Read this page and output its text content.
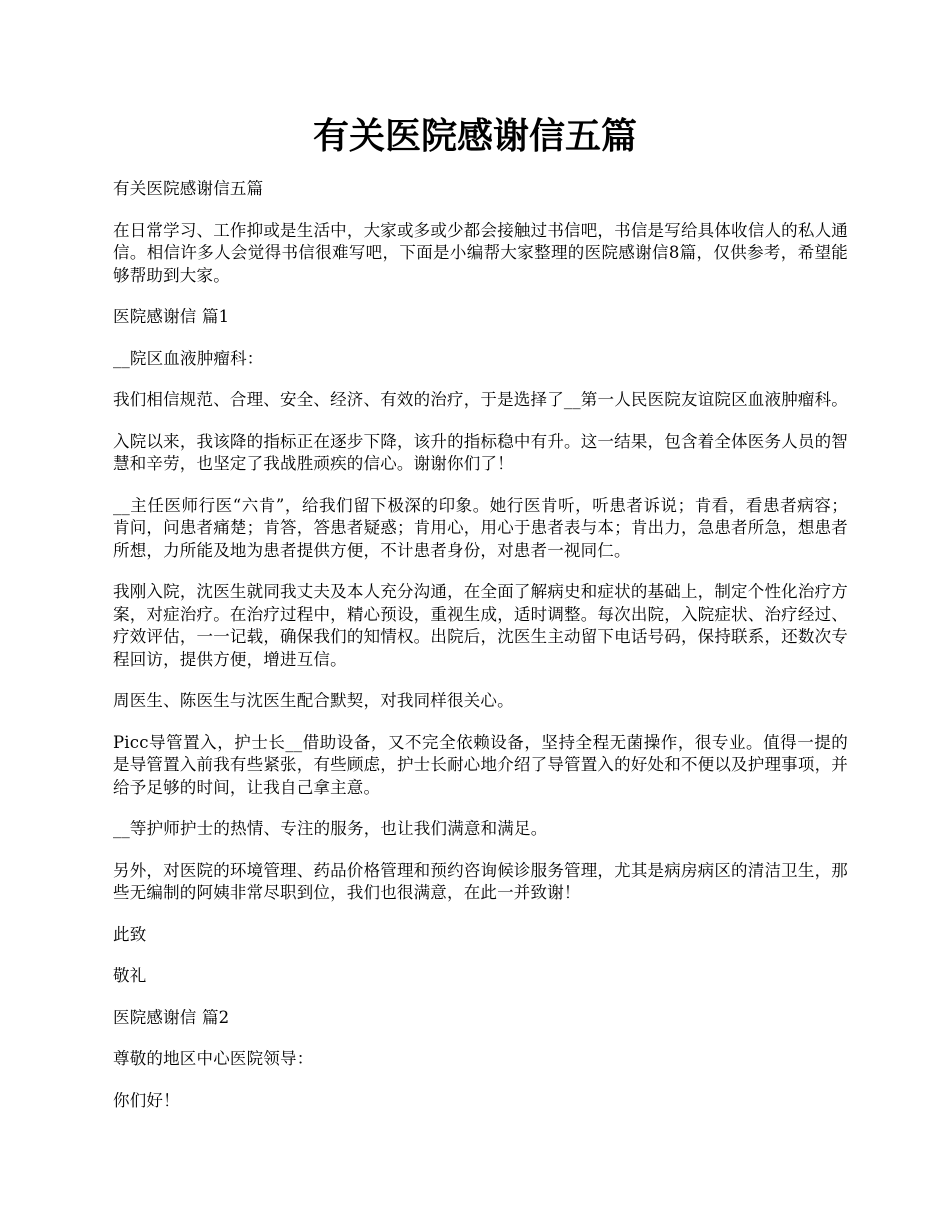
有关医院感谢信五篇

有关医院感谢信五篇

在日常学习、工作抑或是生活中，大家或多或少都会接触过书信吧，书信是写给具体收信人的私人通信。相信许多人会觉得书信很难写吧，下面是小编帮大家整理的医院感谢信8篇，仅供参考，希望能够帮助到大家。

医院感谢信 篇1

__院区血液肿瘤科：

我们相信规范、合理、安全、经济、有效的治疗，于是选择了__第一人民医院友谊院区血液肿瘤科。

入院以来，我该降的指标正在逐步下降，该升的指标稳中有升。这一结果，包含着全体医务人员的智慧和辛劳，也坚定了我战胜顽疾的信心。谢谢你们了！

__主任医师行医“六肯”，给我们留下极深的印象。她行医肯听，听患者诉说；肯看，看患者病容；肯问，问患者痛楚；肯答，答患者疑惑；肯用心，用心于患者表与本；肯出力，急患者所急，想患者所想，力所能及地为患者提供方便，不计患者身份，对患者一视同仁。

我刚入院，沈医生就同我丈夫及本人充分沟通，在全面了解病史和症状的基础上，制定个性化治疗方案，对症治疗。在治疗过程中，精心预设，重视生成，适时调整。每次出院，入院症状、治疗经过、疗效评估，一一记载，确保我们的知情权。出院后，沈医生主动留下电话号码，保持联系，还数次专程回访，提供方便，增进互信。

周医生、陈医生与沈医生配合默契，对我同样很关心。

Picc导管置入，护士长__借助设备，又不完全依赖设备，坚持全程无菌操作，很专业。值得一提的是导管置入前我有些紧张，有些顾虑，护士长耐心地介绍了导管置入的好处和不便以及护理事项，并给予足够的时间，让我自己拿主意。

__等护师护士的热情、专注的服务，也让我们满意和满足。

另外，对医院的环境管理、药品价格管理和预约咨询候诊服务管理，尤其是病房病区的清洁卫生，那些无编制的阿姨非常尽职到位，我们也很满意，在此一并致谢！

此致

敬礼

医院感谢信 篇2

尊敬的地区中心医院领导：

你们好！
